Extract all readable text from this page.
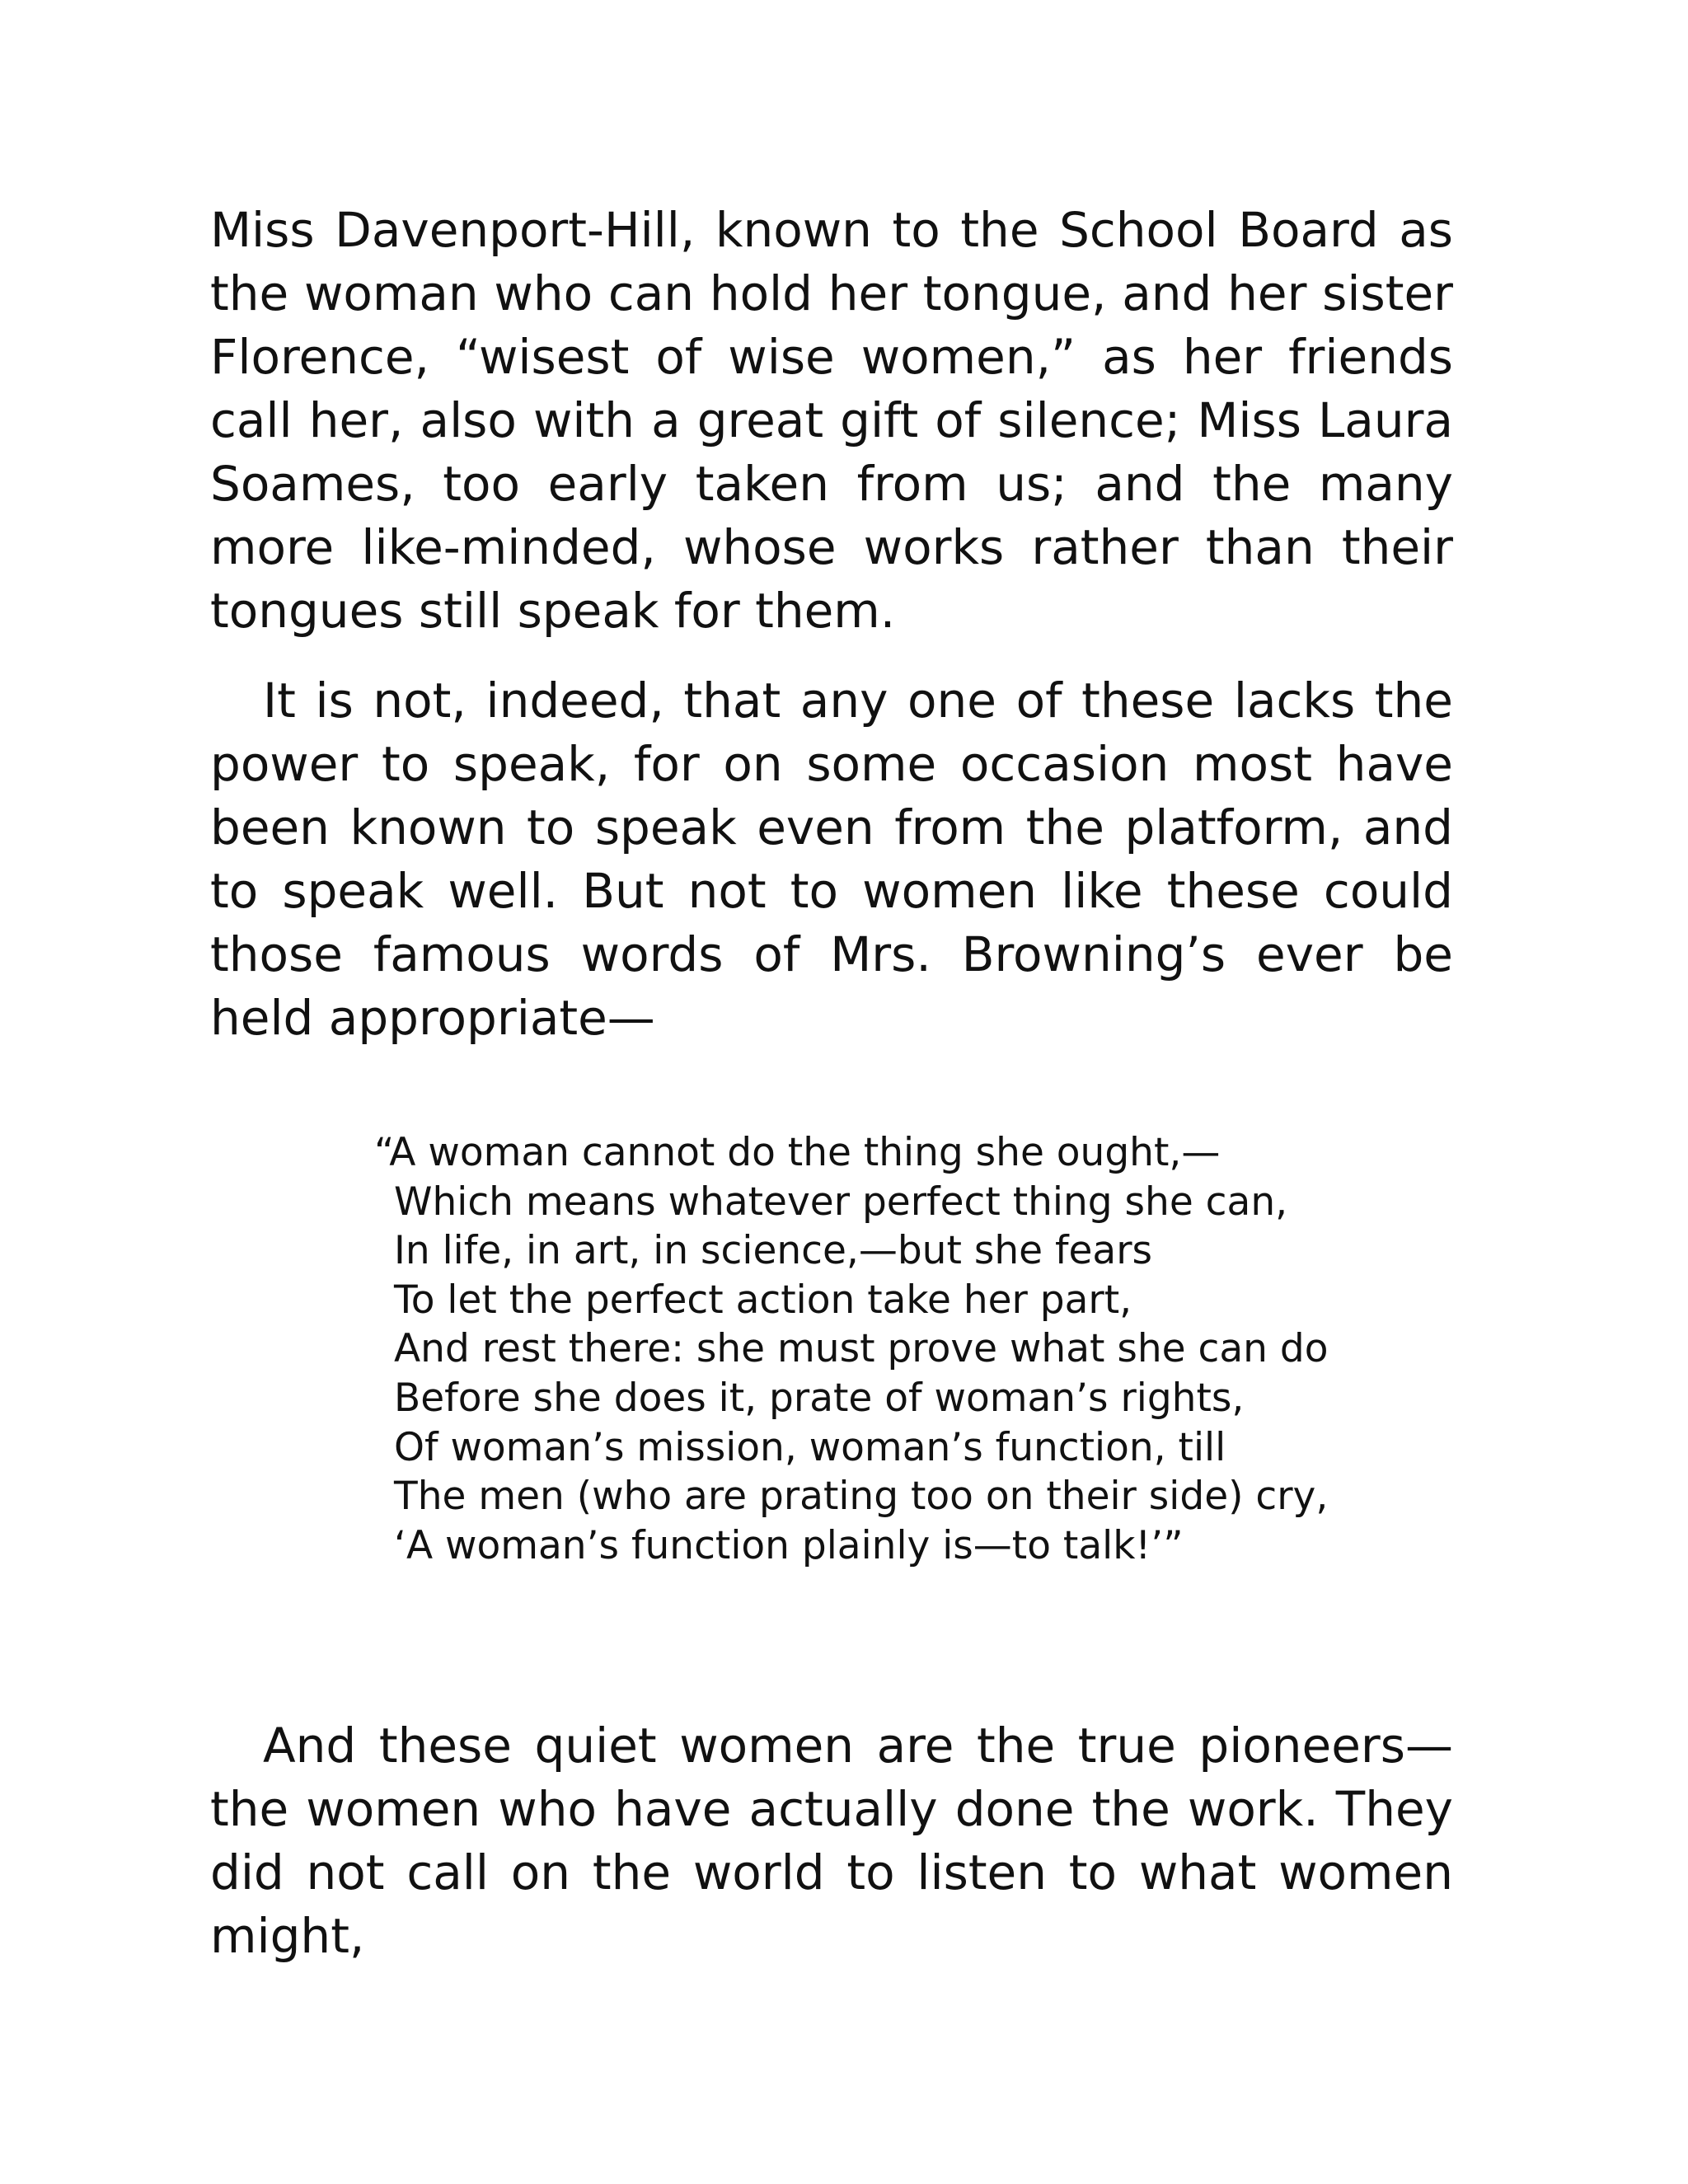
Miss Davenport-Hill, known to the School Board as the woman who can hold her tongue, and her sister Florence, “wisest of wise women,” as her friends call her, also with a great gift of silence; Miss Laura Soames, too early taken from us; and the many more like-minded, whose works rather than their tongues still speak for them.

It is not, indeed, that any one of these lacks the power to speak, for on some occasion most have been known to speak even from the platform, and to speak well. But not to women like these could those famous words of Mrs. Browning’s ever be held appropriate—

“A woman cannot do the thing she ought,—
Which means whatever perfect thing she can,
In life, in art, in science,—but she fears
To let the perfect action take her part,
And rest there: she must prove what she can do
Before she does it, prate of woman’s rights,
Of woman’s mission, woman’s function, till
The men (who are prating too on their side) cry,
‘A woman’s function plainly is—to talk!’”

And these quiet women are the true pioneers—the women who have actually done the work. They did not call on the world to listen to what women might,
